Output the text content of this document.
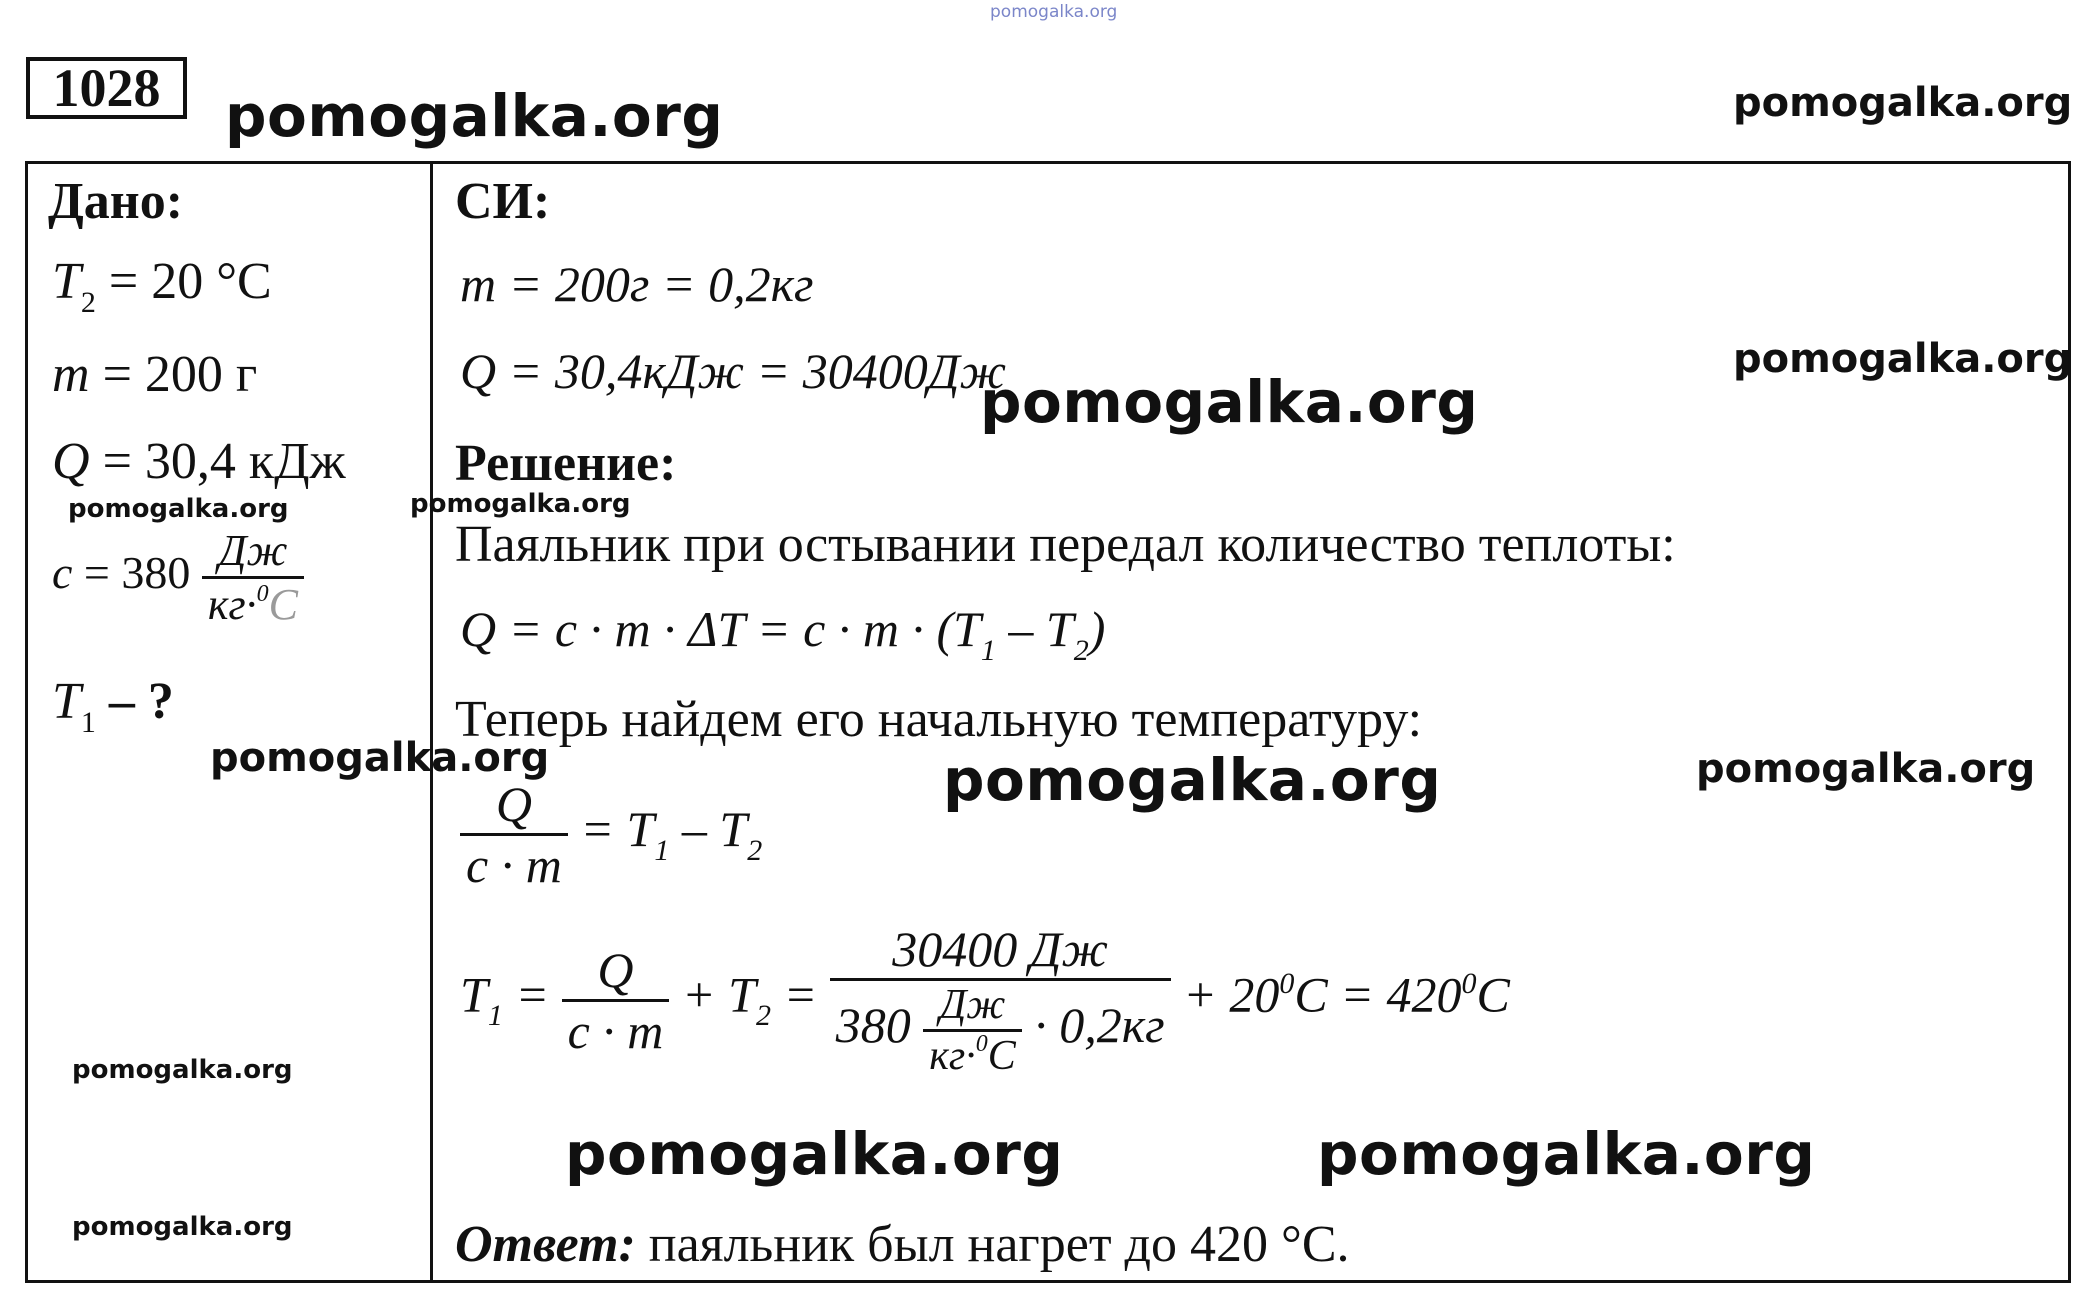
pomogalka.org
1028	pomogalka.org	pomogalka.org
Дано:
$T_2 = 20$ °C
m = 200 г
Q = 30,4 кДж
$c = 380 \frac{Дж}{кг\cdot^0C}$
$T_1$ – ?
pomogalka.org	pomogalka.org
pomogalka.org
pomogalka.org
pomogalka.org
СИ:
m = 200г = 0,2кг
Q = 30,4кДж = 30400Дж	pomogalka.org
pomogalka.org
Решение:
Паяльник при остывании передал количество теплоты:
$Q = c \cdot m \cdot \Delta T = c \cdot m \cdot (T_1 - T_2)$
Теперь найдем его начальную температуру:
pomogalka.org	pomogalka.org
$\frac{Q}{c \cdot m} = T_1 - T_2$
$T_1 = \frac{Q}{c \cdot m} + T_2 = \frac{30400 Дж}{380 \frac{Дж}{кг\cdot^0C} \cdot 0,2кг} + 20^0C = 420^0C$
pomogalka.org	pomogalka.org
Ответ: паяльник был нагрет до 420 °C.
